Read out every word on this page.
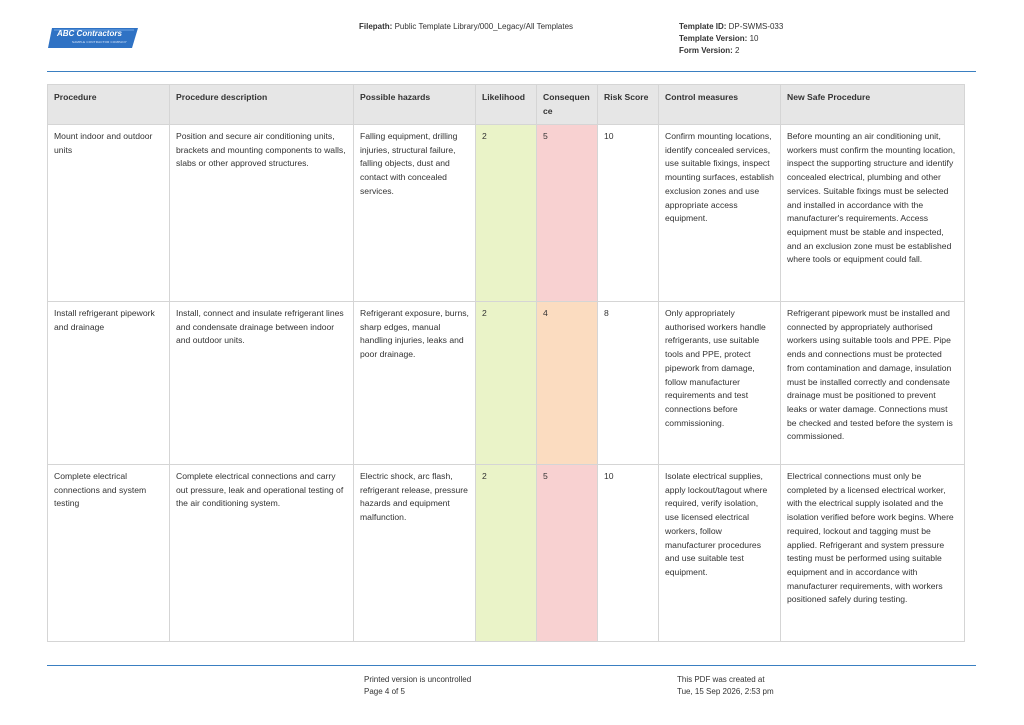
ABC Contractors
SAMPLE CONTRACTOR COMPANY
Filepath: Public Template Library/000_Legacy/All Templates	Template ID: DP-SWMS-033
Template Version: 10
Form Version: 2
Procedure	Procedure description	Possible hazards	Likelihood	Consequence	Risk Score	Control measures	New Safe Procedure
Mount indoor and outdoor units	Position and secure air conditioning units, brackets and mounting components to walls, slabs or other approved structures.	Falling equipment, drilling injuries, structural failure, falling objects, dust and contact with concealed services.	2	5	10	Confirm mounting locations, identify concealed services, use suitable fixings, inspect mounting surfaces, establish exclusion zones and use appropriate access equipment.	Before mounting an air conditioning unit, workers must confirm the mounting location, inspect the supporting structure and identify concealed electrical, plumbing and other services. Suitable fixings must be selected and installed in accordance with the manufacturer's requirements. Access equipment must be stable and inspected, and an exclusion zone must be established where tools or equipment could fall.
Install refrigerant pipework and drainage	Install, connect and insulate refrigerant lines and condensate drainage between indoor and outdoor units.	Refrigerant exposure, burns, sharp edges, manual handling injuries, leaks and poor drainage.	2	4	8	Only appropriately authorised workers handle refrigerants, use suitable tools and PPE, protect pipework from damage, follow manufacturer requirements and test connections before commissioning.	Refrigerant pipework must be installed and connected by appropriately authorised workers using suitable tools and PPE. Pipe ends and connections must be protected from contamination and damage, insulation must be installed correctly and condensate drainage must be positioned to prevent leaks or water damage. Connections must be checked and tested before the system is commissioned.
Complete electrical connections and system testing	Complete electrical connections and carry out pressure, leak and operational testing of the air conditioning system.	Electric shock, arc flash, refrigerant release, pressure hazards and equipment malfunction.	2	5	10	Isolate electrical supplies, apply lockout/tagout where required, verify isolation, use licensed electrical workers, follow manufacturer procedures and use suitable test equipment.	Electrical connections must only be completed by a licensed electrical worker, with the electrical supply isolated and the isolation verified before work begins. Where required, lockout and tagging must be applied. Refrigerant and system pressure testing must be performed using suitable equipment and in accordance with manufacturer requirements, with workers positioned safely during testing.
Printed version is uncontrolled
Page 4 of 5
This PDF was created at
Tue, 15 Sep 2026, 2:53 pm
